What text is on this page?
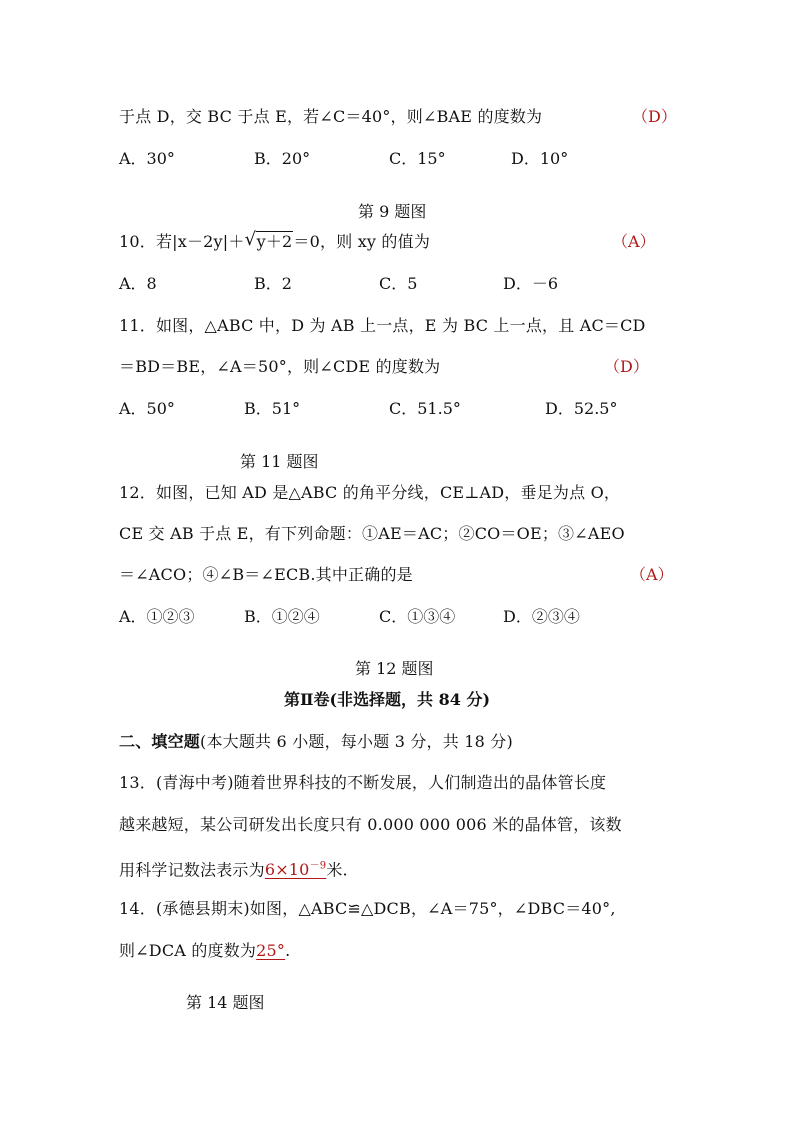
于点 D，交 BC 于点 E，若∠C＝40°，则∠BAE 的度数为	（D）
A．30°	B．20°	C．15°	D．10°
第 9 题图
10．若|x－2y|＋ √ y＋2＝0，则 xy 的值为	（A）
A．8	B．2	C．5	D．－6
11．如图，△ABC 中，D 为 AB 上一点，E 为 BC 上一点，且 AC＝CD
＝BD＝BE，∠A＝50°，则∠CDE 的度数为	（D）
A．50°	B．51°	C．51.5°	D．52.5°
第 11 题图
12．如图，已知 AD 是△ABC 的角平分线，CE⊥AD，垂足为点 O，
CE 交 AB 于点 E，有下列命题：①AE＝AC；②CO＝OE；③∠AEO
＝∠ACO；④∠B＝∠ECB.其中正确的是	（A）
A．①②③	B．①②④	C．①③④	D．②③④
第 12 题图
第Ⅱ卷(非选择题，共 84 分)
二、填空题(本大题共 6 小题，每小题 3 分，共 18 分)
13．(青海中考)随着世界科技的不断发展，人们制造出的晶体管长度
越来越短，某公司研发出长度只有 0.000 000 006 米的晶体管，该数
用科学记数法表示为$6\times 10^{-9}$米.
14．(承德县期末)如图，△ABC≌△DCB，∠A＝75°，∠DBC＝40°,
则∠DCA 的度数为25°.
第 14 题图
